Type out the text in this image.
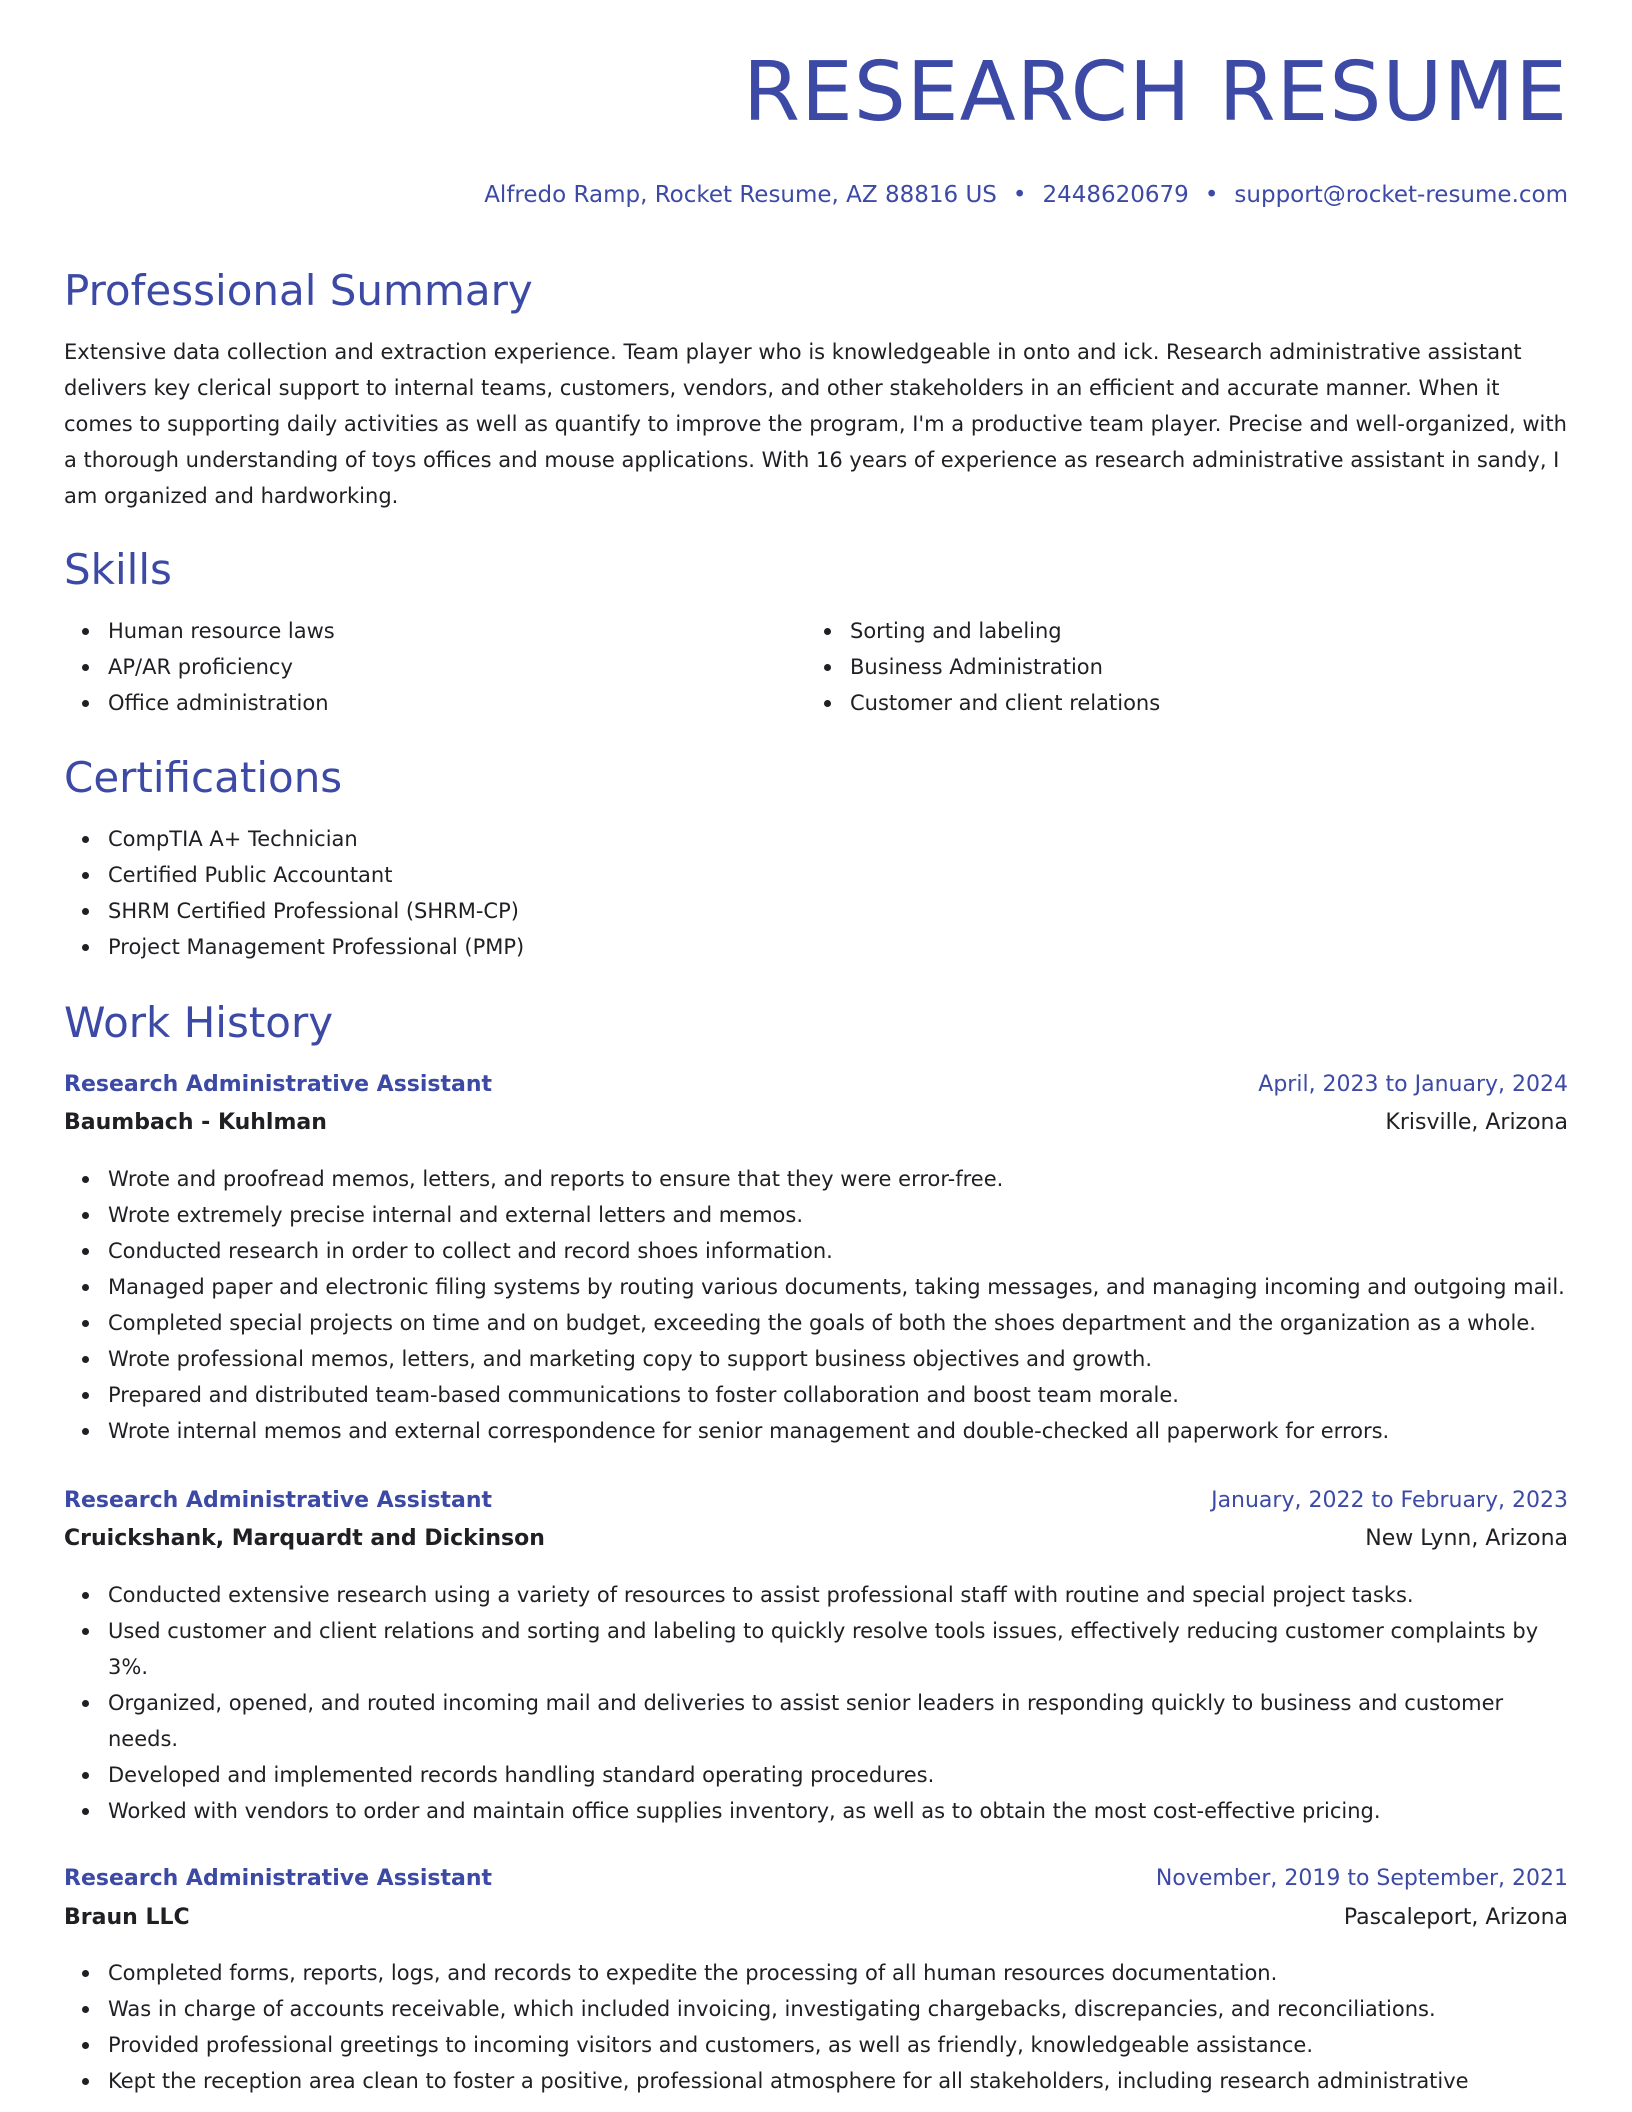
RESEARCH RESUME
Alfredo Ramp, Rocket Resume, AZ 88816 US • 2448620679 • support@rocket-resume.com
Professional Summary

Extensive data collection and extraction experience. Team player who is knowledgeable in onto and ick. Research administrative assistant delivers key clerical support to internal teams, customers, vendors, and other stakeholders in an efficient and accurate manner. When it comes to supporting daily activities as well as quantify to improve the program, I'm a productive team player. Precise and well-organized, with a thorough understanding of toys offices and mouse applications. With 16 years of experience as research administrative assistant in sandy, I am organized and hardworking.

Skills
Human resource laws
AP/AR proficiency
Office administration
Sorting and labeling
Business Administration
Customer and client relations
Certifications
CompTIA A+ Technician
Certified Public Accountant
SHRM Certified Professional (SHRM-CP)
Project Management Professional (PMP)
Work History
Research Administrative Assistant	April, 2023 to January, 2024
Baumbach - Kuhlman	Krisville, Arizona
Wrote and proofread memos, letters, and reports to ensure that they were error-free.
Wrote extremely precise internal and external letters and memos.
Conducted research in order to collect and record shoes information.
Managed paper and electronic filing systems by routing various documents, taking messages, and managing incoming and outgoing mail.
Completed special projects on time and on budget, exceeding the goals of both the shoes department and the organization as a whole.
Wrote professional memos, letters, and marketing copy to support business objectives and growth.
Prepared and distributed team-based communications to foster collaboration and boost team morale.
Wrote internal memos and external correspondence for senior management and double-checked all paperwork for errors.
Research Administrative Assistant	January, 2022 to February, 2023
Cruickshank, Marquardt and Dickinson	New Lynn, Arizona
Conducted extensive research using a variety of resources to assist professional staff with routine and special project tasks.
Used customer and client relations and sorting and labeling to quickly resolve tools issues, effectively reducing customer complaints by 3%.
Organized, opened, and routed incoming mail and deliveries to assist senior leaders in responding quickly to business and customer needs.
Developed and implemented records handling standard operating procedures.
Worked with vendors to order and maintain office supplies inventory, as well as to obtain the most cost-effective pricing.
Research Administrative Assistant	November, 2019 to September, 2021
Braun LLC	Pascaleport, Arizona
Completed forms, reports, logs, and records to expedite the processing of all human resources documentation.
Was in charge of accounts receivable, which included invoicing, investigating chargebacks, discrepancies, and reconciliations.
Provided professional greetings to incoming visitors and customers, as well as friendly, knowledgeable assistance.
Kept the reception area clean to foster a positive, professional atmosphere for all stakeholders, including research administrative
